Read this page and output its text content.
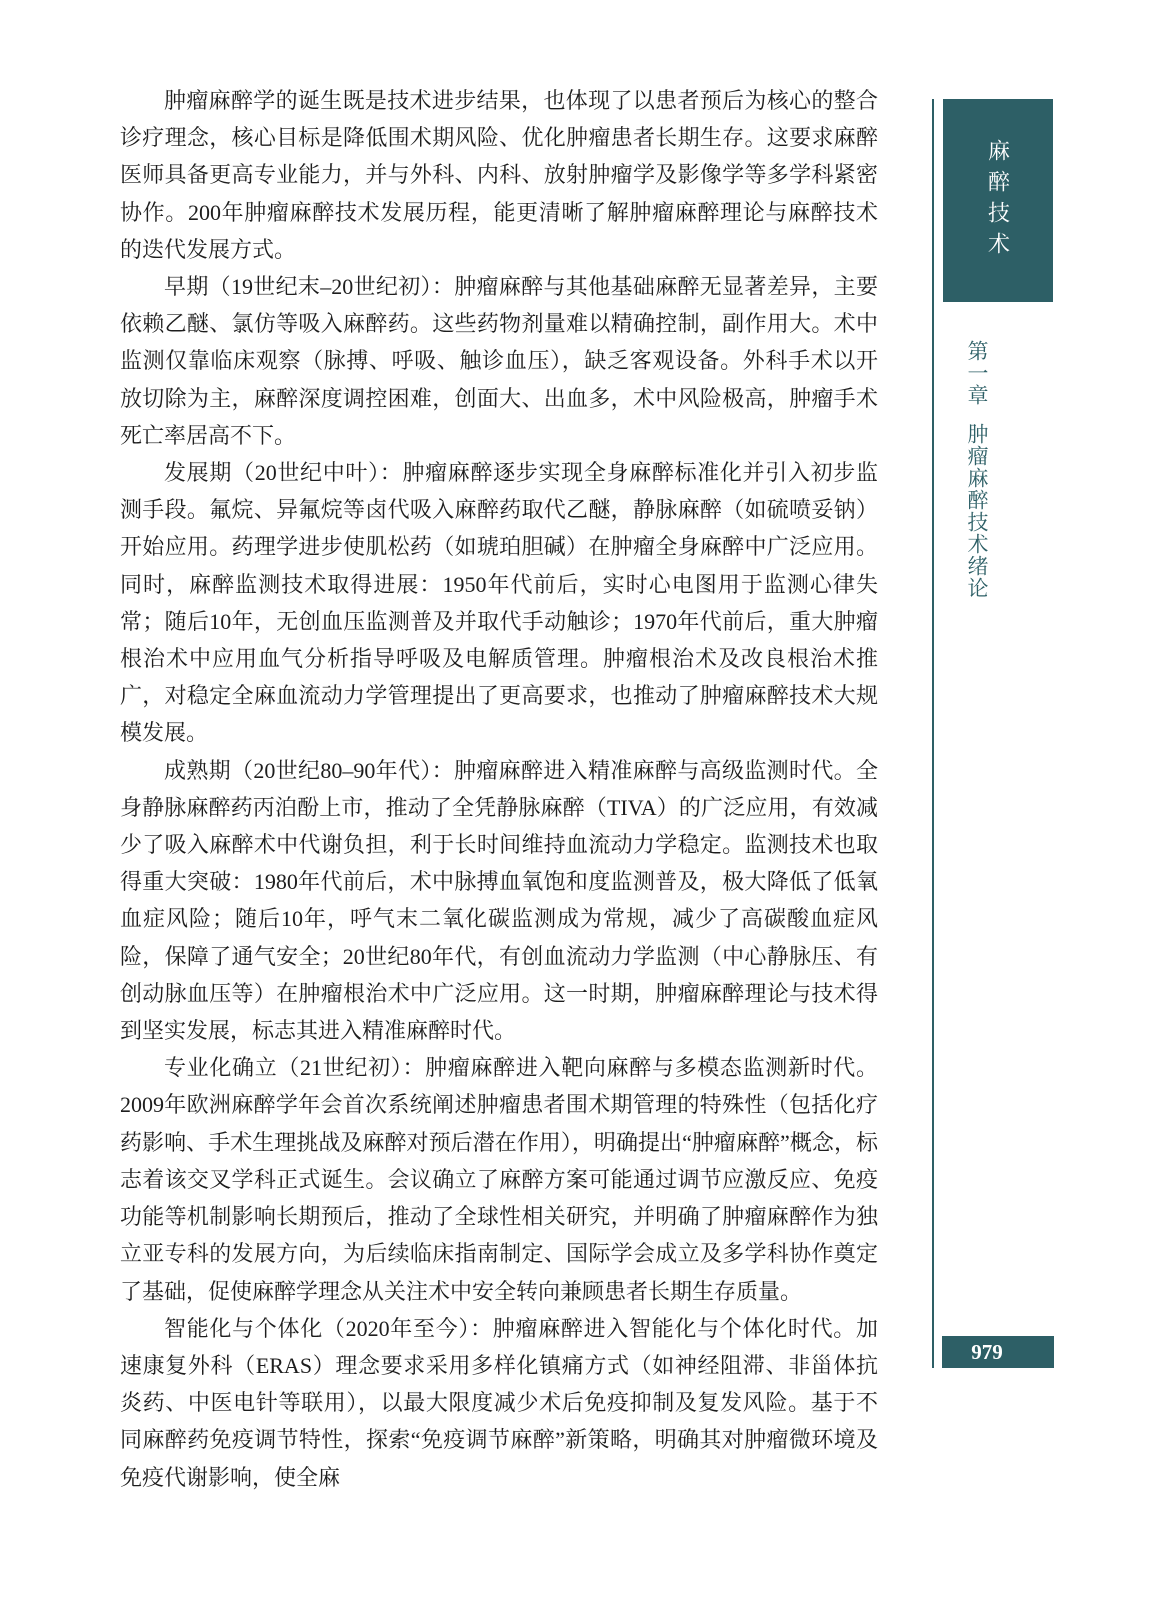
肿瘤麻醉学的诞生既是技术进步结果，也体现了以患者预后为核心的整合诊疗理念，核心目标是降低围术期风险、优化肿瘤患者长期生存。这要求麻醉医师具备更高专业能力，并与外科、内科、放射肿瘤学及影像学等多学科紧密协作。200年肿瘤麻醉技术发展历程，能更清晰了解肿瘤麻醉理论与麻醉技术的迭代发展方式。

早期（19世纪末–20世纪初）：肿瘤麻醉与其他基础麻醉无显著差异，主要依赖乙醚、氯仿等吸入麻醉药。这些药物剂量难以精确控制，副作用大。术中监测仅靠临床观察（脉搏、呼吸、触诊血压），缺乏客观设备。外科手术以开放切除为主，麻醉深度调控困难，创面大、出血多，术中风险极高，肿瘤手术死亡率居高不下。

发展期（20世纪中叶）：肿瘤麻醉逐步实现全身麻醉标准化并引入初步监测手段。氟烷、异氟烷等卤代吸入麻醉药取代乙醚，静脉麻醉（如硫喷妥钠）开始应用。药理学进步使肌松药（如琥珀胆碱）在肿瘤全身麻醉中广泛应用。同时，麻醉监测技术取得进展：1950年代前后，实时心电图用于监测心律失常；随后10年，无创血压监测普及并取代手动触诊；1970年代前后，重大肿瘤根治术中应用血气分析指导呼吸及电解质管理。肿瘤根治术及改良根治术推广，对稳定全麻血流动力学管理提出了更高要求，也推动了肿瘤麻醉技术大规模发展。

成熟期（20世纪80–90年代）：肿瘤麻醉进入精准麻醉与高级监测时代。全身静脉麻醉药丙泊酚上市，推动了全凭静脉麻醉（TIVA）的广泛应用，有效减少了吸入麻醉术中代谢负担，利于长时间维持血流动力学稳定。监测技术也取得重大突破：1980年代前后，术中脉搏血氧饱和度监测普及，极大降低了低氧血症风险；随后10年，呼气末二氧化碳监测成为常规，减少了高碳酸血症风险，保障了通气安全；20世纪80年代，有创血流动力学监测（中心静脉压、有创动脉血压等）在肿瘤根治术中广泛应用。这一时期，肿瘤麻醉理论与技术得到坚实发展，标志其进入精准麻醉时代。

专业化确立（21世纪初）：肿瘤麻醉进入靶向麻醉与多模态监测新时代。2009年欧洲麻醉学年会首次系统阐述肿瘤患者围术期管理的特殊性（包括化疗药影响、手术生理挑战及麻醉对预后潜在作用），明确提出“肿瘤麻醉”概念，标志着该交叉学科正式诞生。会议确立了麻醉方案可能通过调节应激反应、免疫功能等机制影响长期预后，推动了全球性相关研究，并明确了肿瘤麻醉作为独立亚专科的发展方向，为后续临床指南制定、国际学会成立及多学科协作奠定了基础，促使麻醉学理念从关注术中安全转向兼顾患者长期生存质量。

智能化与个体化（2020年至今）：肿瘤麻醉进入智能化与个体化时代。加速康复外科（ERAS）理念要求采用多样化镇痛方式（如神经阻滞、非甾体抗炎药、中医电针等联用），以最大限度减少术后免疫抑制及复发风险。基于不同麻醉药免疫调节特性，探索“免疫调节麻醉”新策略，明确其对肿瘤微环境及免疫代谢影响，使全麻

麻醉技术
第一章肿瘤麻醉技术绪论
979
